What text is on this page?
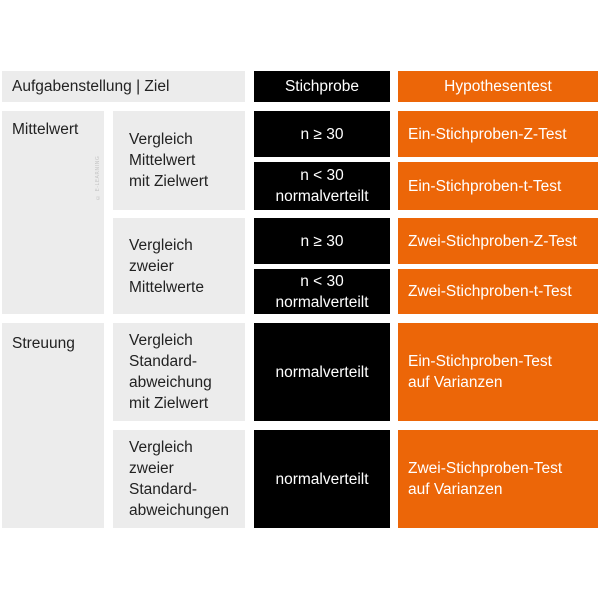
Aufgabenstellung | Ziel	Stichprobe	Hypothesentest
Mittelwert
Streuung
© E-LEARNING
Vergleich
Mittelwert
mit Zielwert
Vergleich
zweier
Mittelwerte
Vergleich
Standard-
abweichung
mit Zielwert
Vergleich
zweier
Standard-
abweichungen
n ≥ 30
n < 30
normalverteilt
n ≥ 30
n < 30
normalverteilt
normalverteilt
normalverteilt
Ein-Stichproben-Z-Test
Ein-Stichproben-t-Test
Zwei-Stichproben-Z-Test
Zwei-Stichproben-t-Test
Ein-Stichproben-Test
auf Varianzen
Zwei-Stichproben-Test
auf Varianzen
